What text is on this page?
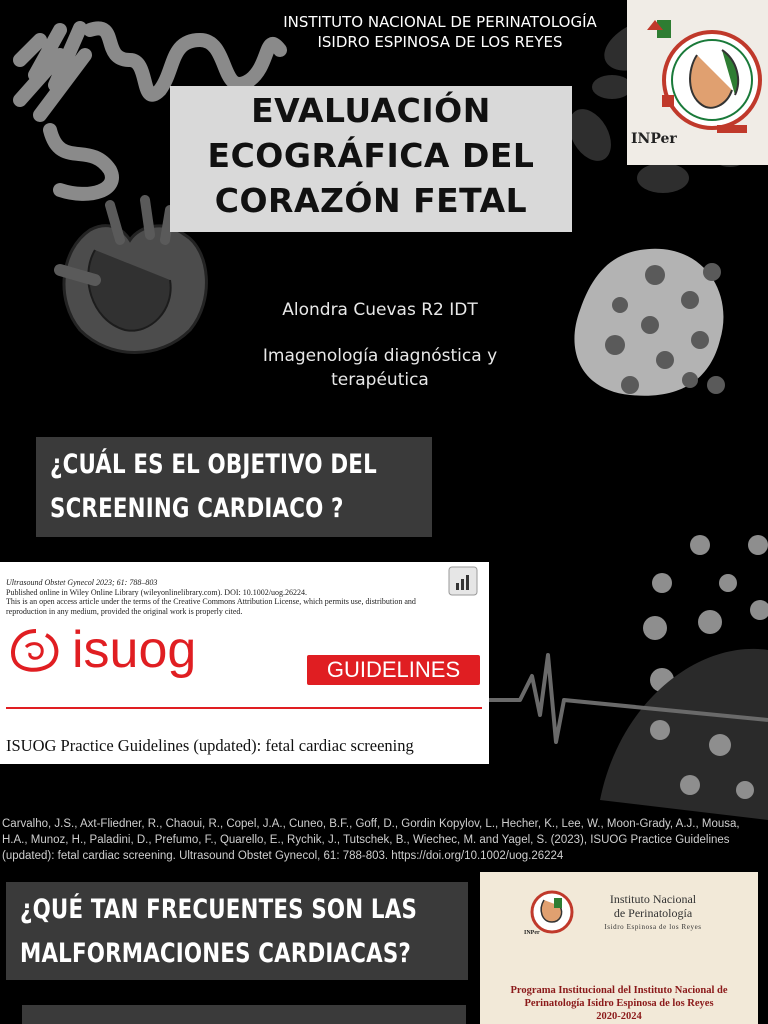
INSTITUTO NACIONAL DE PERINATOLOGÍA
ISIDRO ESPINOSA DE LOS REYES
INPer
EVALUACIÓN
ECOGRÁFICA DEL
CORAZÓN FETAL
Alondra Cuevas R2 IDT
Imagenología diagnóstica y
terapéutica
¿CUÁL ES EL OBJETIVO DEL
SCREENING CARDIACO ?
Ultrasound Obstet Gynecol 2023; 61: 788–803
Published online in Wiley Online Library (wileyonlinelibrary.com). DOI: 10.1002/uog.26224.
This is an open access article under the terms of the Creative Commons Attribution License, which permits use, distribution and
reproduction in any medium, provided the original work is properly cited.
isuog	GUIDELINES
ISUOG Practice Guidelines (updated): fetal cardiac screening
Carvalho, J.S., Axt-Fliedner, R., Chaoui, R., Copel, J.A., Cuneo, B.F., Goff, D., Gordin Kopylov, L., Hecher, K., Lee, W., Moon-Grady, A.J., Mousa, H.A., Munoz, H., Paladini, D., Prefumo, F., Quarello, E., Rychik, J., Tutschek, B., Wiechec, M. and Yagel, S. (2023), ISUOG Practice Guidelines (updated): fetal cardiac screening. Ultrasound Obstet Gynecol, 61: 788-803. https://doi.org/10.1002/uog.26224
¿QUÉ TAN FRECUENTES SON LAS
MALFORMACIONES CARDIACAS?
INPer
Instituto Nacional
de Perinatología
Isidro Espinosa de los Reyes
Programa Institucional del Instituto Nacional de
Perinatología Isidro Espinosa de los Reyes
2020-2024
